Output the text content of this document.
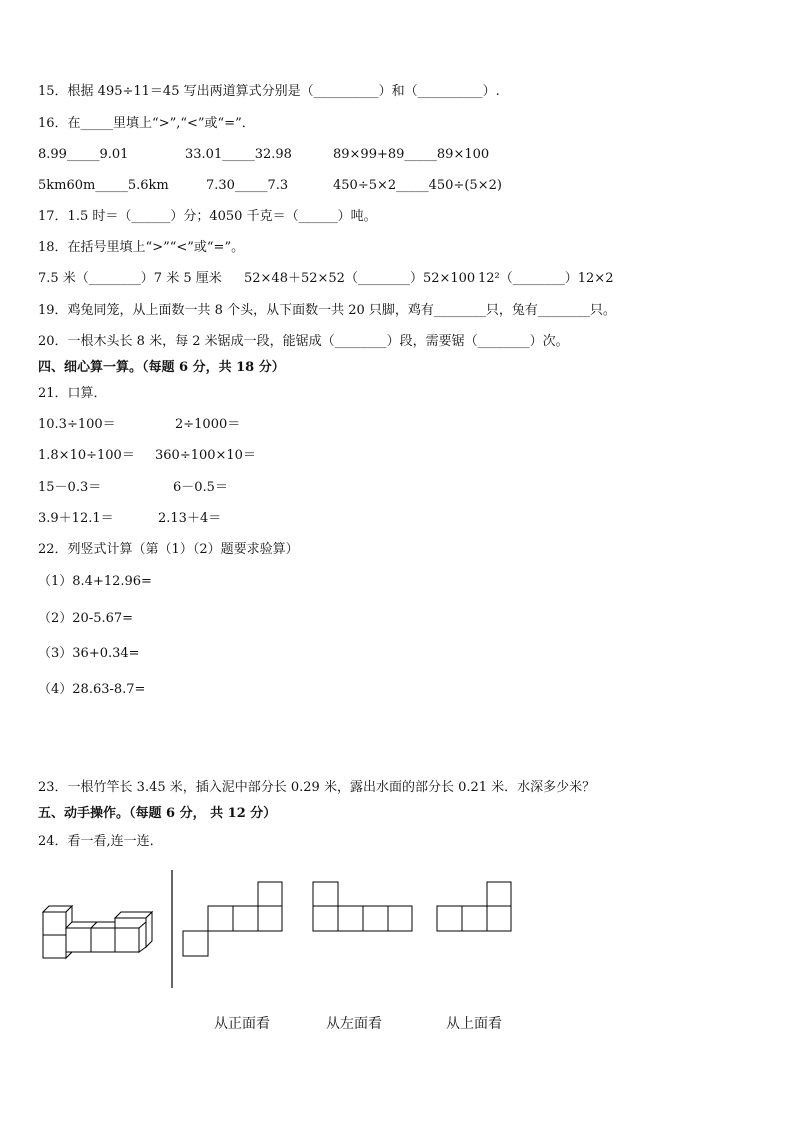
15．根据 495÷11＝45 写出两道算式分别是（__________）和（__________）.
16．在_____里填上“>”,“<”或“=”．
8.99_____9.01	33.01_____32.98	89×99+89_____89×100
5km60m_____5.6km	7.30_____7.3	450÷5×2_____450÷(5×2)
17．1.5 时＝（______）分；4050 千克＝（______）吨。
18．在括号里填上“>”“<”或“=”。
7.5 米（________）7 米 5 厘米 52×48＋52×52（________）52×100 12²（________）12×2
19．鸡兔同笼，从上面数一共 8 个头，从下面数一共 20 只脚，鸡有________只，兔有________只。
20．一根木头长 8 米，每 2 米锯成一段，能锯成（________）段，需要锯（________）次。
四、细心算一算。（每题 6 分，共 18 分）
21．口算．
10.3÷100＝	2÷1000＝
1.8×10÷100＝ 360÷100×10＝
15－0.3＝	6－0.5＝
3.9＋12.1＝	2.13＋4＝
22．列竖式计算（第（1）（2）题要求验算）
（1）8.4+12.96=
（2）20-5.67=
（3）36+0.34=
（4）28.63-8.7=
23．一根竹竿长 3.45 米，插入泥中部分长 0.29 米，露出水面的部分长 0.21 米．水深多少米？
五、动手操作。（每题 6 分， 共 12 分）
24．看一看,连一连．
从正面看	从左面看	从上面看
